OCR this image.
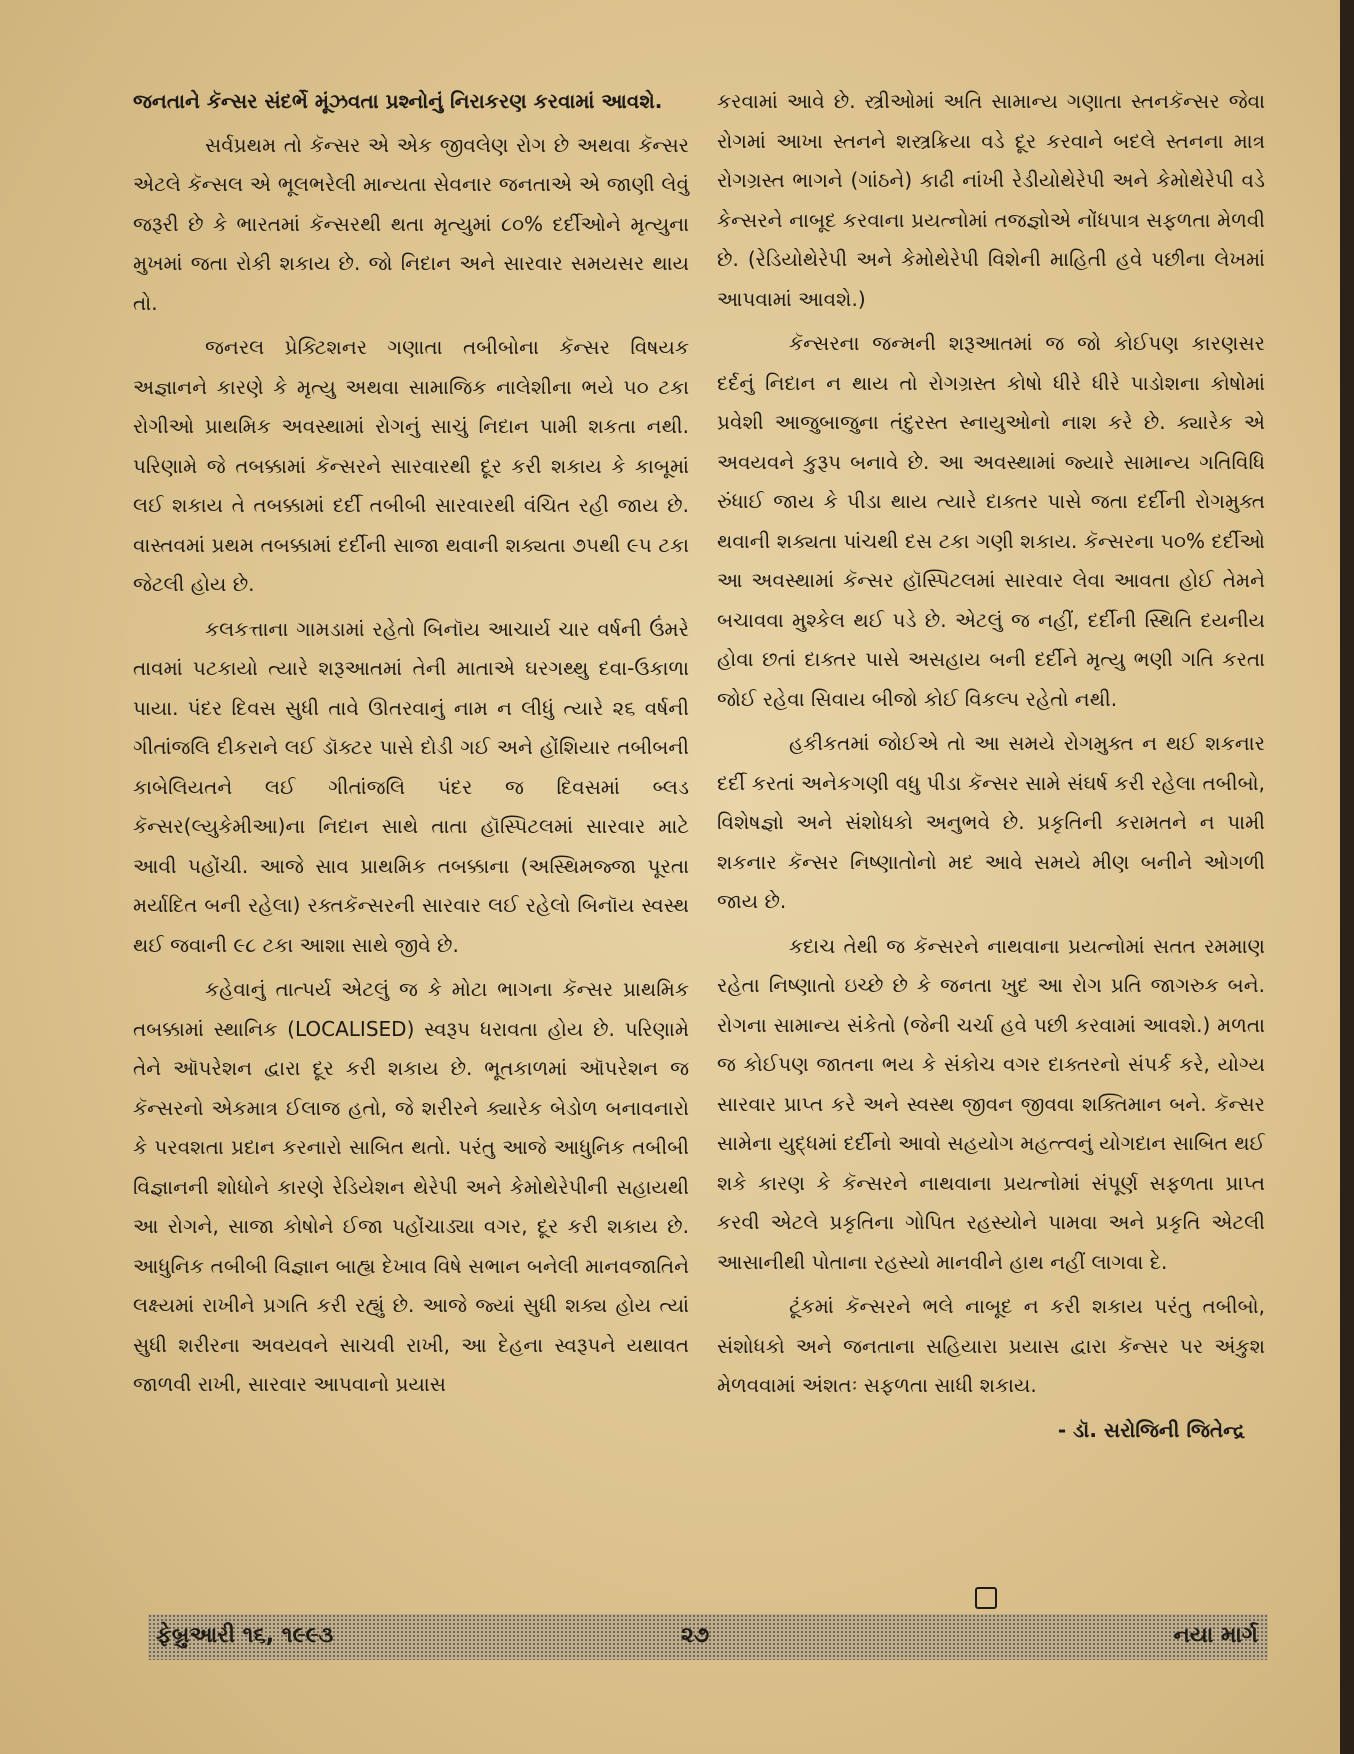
જનતાને કૅન્સર સંદર્ભે મૂંઝવતા પ્રશ્નોનું નિરાકરણ કરવામાં આવશે.

સર્વપ્રથમ તો કૅન્સર એ એક જીવલેણ રોગ છે અથવા કૅન્સર એટલે કૅન્સલ એ ભૂલભરેલી માન્યતા સેવનાર જનતાએ એ જાણી લેવું જરૂરી છે કે ભારતમાં કૅન્સરથી થતા મૃત્યુમાં ૮૦% દર્દીઓને મૃત્યુના મુખમાં જતા રોકી શકાય છે. જો નિદાન અને સારવાર સમયસર થાય તો.

જનરલ પ્રેક્ટિશનર ગણાતા તબીબોના કૅન્સર વિષયક અજ્ઞાનને કારણે કે મૃત્યુ અથવા સામાજિક નાલેશીના ભયે ૫૦ ટકા રોગીઓ પ્રાથમિક અવસ્થામાં રોગનું સાચું નિદાન પામી શકતા નથી. પરિણામે જે તબક્કામાં કૅન્સરને સારવારથી દૂર કરી શકાય કે કાબૂમાં લઈ શકાય તે તબક્કામાં દર્દી તબીબી સારવારથી વંચિત રહી જાય છે. વાસ્તવમાં પ્રથમ તબક્કામાં દર્દીની સાજા થવાની શક્યતા ૭૫થી ૯૫ ટકા જેટલી હોય છે.

કલકત્તાના ગામડામાં રહેતો બિનૉય આચાર્ય ચાર વર્ષની ઉંમરે તાવમાં પટકાયો ત્યારે શરૂઆતમાં તેની માતાએ ઘરગથ્થુ દવા-ઉકાળા પાયા. પંદર દિવસ સુધી તાવે ઊતરવાનું નામ ન લીધું ત્યારે ૨૬ વર્ષની ગીતાંજલિ દીકરાને લઈ ડૉક્ટર પાસે દોડી ગઈ અને હોંશિયાર તબીબની કાબેલિયતને લઈ ગીતાંજલિ પંદર જ દિવસમાં બ્લડ કૅન્સર(લ્યુકેમીઆ)ના નિદાન સાથે તાતા હૉસ્પિટલમાં સારવાર માટે આવી પહોંચી. આજે સાવ પ્રાથમિક તબક્કાના (અસ્થિમજ્જા પૂરતા મર્યાદિત બની રહેલા) રક્તકૅન્સરની સારવાર લઈ રહેલો બિનૉય સ્વસ્થ થઈ જવાની ૯૮ ટકા આશા સાથે જીવે છે.

કહેવાનું તાત્પર્ય એટલું જ કે મોટા ભાગના કૅન્સર પ્રાથમિક તબક્કામાં સ્થાનિક (LOCALISED) સ્વરૂપ ધરાવતા હોય છે. પરિણામે તેને ઑપરેશન દ્વારા દૂર કરી શકાય છે. ભૂતકાળમાં ઑપરેશન જ કૅન્સરનો એકમાત્ર ઈલાજ હતો, જે શરીરને ક્યારેક બેડોળ બનાવનારો કે પરવશતા પ્રદાન કરનારો સાબિત થતો. પરંતુ આજે આધુનિક તબીબી વિજ્ઞાનની શોધોને કારણે રેડિયેશન થેરેપી અને કેમોથેરેપીની સહાયથી આ રોગને, સાજા કોષોને ઈજા પહોંચાડ્યા વગર, દૂર કરી શકાય છે. આધુનિક તબીબી વિજ્ઞાન બાહ્ય દેખાવ વિષે સભાન બનેલી માનવજાતિને લક્ષ્યમાં રાખીને પ્રગતિ કરી રહ્યું છે. આજે જ્યાં સુધી શક્ય હોય ત્યાં સુધી શરીરના અવયવને સાચવી રાખી, આ દેહના સ્વરૂપને યથાવત જાળવી રાખી, સારવાર આપવાનો પ્રયાસ

કરવામાં આવે છે. સ્ત્રીઓમાં અતિ સામાન્ય ગણાતા સ્તનકૅન્સર જેવા રોગમાં આખા સ્તનને શસ્ત્રક્રિયા વડે દૂર કરવાને બદલે સ્તનના માત્ર રોગગ્રસ્ત ભાગને (ગાંઠને) કાઢી નાંખી રેડીયોથેરેપી અને કેમોથેરેપી વડે કેન્સરને નાબૂદ કરવાના પ્રયત્નોમાં તજજ્ઞોએ નોંધપાત્ર સફળતા મેળવી છે. (રેડિયોથેરેપી અને કેમોથેરેપી વિશેની માહિતી હવે પછીના લેખમાં આપવામાં આવશે.)

કૅન્સરના જન્મની શરૂઆતમાં જ જો કોઈપણ કારણસર દર્દનું નિદાન ન થાય તો રોગગ્રસ્ત કોષો ધીરે ધીરે પાડોશના કોષોમાં પ્રવેશી આજુબાજુના તંદુરસ્ત સ્નાયુઓનો નાશ કરે છે. ક્યારેક એ અવયવને કુરૂપ બનાવે છે. આ અવસ્થામાં જ્યારે સામાન્ય ગતિવિધિ રુંધાઈ જાય કે પીડા થાય ત્યારે દાક્તર પાસે જતા દર્દીની રોગમુક્ત થવાની શક્યતા પાંચથી દસ ટકા ગણી શકાય. કૅન્સરના ૫૦% દર્દીઓ આ અવસ્થામાં કૅન્સર હૉસ્પિટલમાં સારવાર લેવા આવતા હોઈ તેમને બચાવવા મુશ્કેલ થઈ પડે છે. એટલું જ નહીં, દર્દીની સ્થિતિ દયનીય હોવા છતાં દાક્તર પાસે અસહાય બની દર્દીને મૃત્યુ ભણી ગતિ કરતા જોઈ રહેવા સિવાય બીજો કોઈ વિકલ્પ રહેતો નથી.

હકીકતમાં જોઈએ તો આ સમયે રોગમુક્ત ન થઈ શકનાર દર્દી કરતાં અનેકગણી વધુ પીડા કૅન્સર સામે સંઘર્ષ કરી રહેલા તબીબો, વિશેષજ્ઞો અને સંશોધકો અનુભવે છે. પ્રકૃતિની કરામતને ન પામી શકનાર કૅન્સર નિષ્ણાતોનો મદ આવે સમયે મીણ બનીને ઓગળી જાય છે.

કદાચ તેથી જ કૅન્સરને નાથવાના પ્રયત્નોમાં સતત રમમાણ રહેતા નિષ્ણાતો ઇચ્છે છે કે જનતા ખુદ આ રોગ પ્રતિ જાગરુક બને. રોગના સામાન્ય સંકેતો (જેની ચર્ચા હવે પછી કરવામાં આવશે.) મળતા જ કોઈપણ જાતના ભય કે સંકોચ વગર દાક્તરનો સંપર્ક કરે, યોગ્ય સારવાર પ્રાપ્ત કરે અને સ્વસ્થ જીવન જીવવા શક્તિમાન બને. કૅન્સર સામેના યુદ્ધમાં દર્દીનો આવો સહયોગ મહત્ત્વનું યોગદાન સાબિત થઈ શકે કારણ કે કૅન્સરને નાથવાના પ્રયત્નોમાં સંપૂર્ણ સફળતા પ્રાપ્ત કરવી એટલે પ્રકૃતિના ગોપિત રહસ્યોને પામવા અને પ્રકૃતિ એટલી આસાનીથી પોતાના રહસ્યો માનવીને હાથ નહીં લાગવા દે.

ટૂંકમાં કૅન્સરને ભલે નાબૂદ ન કરી શકાય પરંતુ તબીબો, સંશોધકો અને જનતાના સહિયારા પ્રયાસ દ્વારા કૅન્સર પર અંકુશ મેળવવામાં અંશતઃ સફળતા સાધી શકાય.

- ડૉ. સરોજિની જિતેન્દ્ર
ફેબ્રુઆરી ૧૬, ૧૯૯૩	૨૭	નયા માર્ગ
